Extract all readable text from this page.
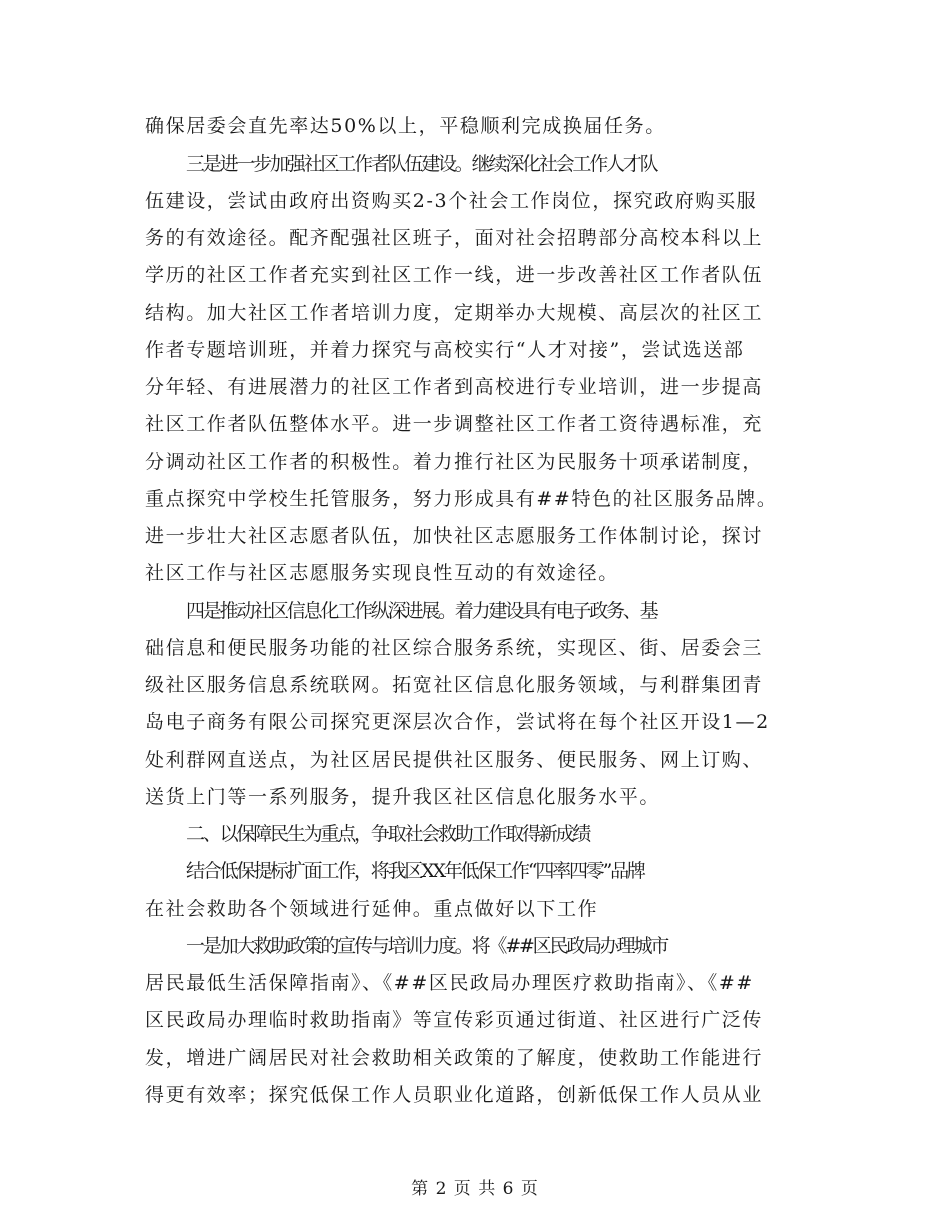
确保居委会直先率达50%以上，平稳顺利完成换届任务。
三是进一步加强社区工作者队伍建设。继续深化社会工作人才队
伍建设，尝试由政府出资购买2-3个社会工作岗位，探究政府购买服
务的有效途径。配齐配强社区班子，面对社会招聘部分高校本科以上
学历的社区工作者充实到社区工作一线，进一步改善社区工作者队伍
结构。加大社区工作者培训力度，定期举办大规模、高层次的社区工
作者专题培训班，并着力探究与高校实行“人才对接”，尝试选送部
分年轻、有进展潜力的社区工作者到高校进行专业培训，进一步提高
社区工作者队伍整体水平。进一步调整社区工作者工资待遇标准，充
分调动社区工作者的积极性。着力推行社区为民服务十项承诺制度，
重点探究中学校生托管服务，努力形成具有##特色的社区服务品牌。
进一步壮大社区志愿者队伍，加快社区志愿服务工作体制讨论，探讨
社区工作与社区志愿服务实现良性互动的有效途径。
四是推动社区信息化工作纵深进展。着力建设具有电子政务、基
础信息和便民服务功能的社区综合服务系统，实现区、街、居委会三
级社区服务信息系统联网。拓宽社区信息化服务领域，与利群集团青
岛电子商务有限公司探究更深层次合作，尝试将在每个社区开设1—2
处利群网直送点，为社区居民提供社区服务、便民服务、网上订购、
送货上门等一系列服务，提升我区社区信息化服务水平。
二、以保障民生为重点，争取社会救助工作取得新成绩
结合低保提标扩面工作，将我区XX年低保工作“四率四零”品牌
在社会救助各个领域进行延伸。重点做好以下工作
一是加大救助政策的宣传与培训力度。将《##区民政局办理城市
居民最低生活保障指南》、《##区民政局办理医疗救助指南》、《##
区民政局办理临时救助指南》等宣传彩页通过街道、社区进行广泛传
发，增进广阔居民对社会救助相关政策的了解度，使救助工作能进行
得更有效率；探究低保工作人员职业化道路，创新低保工作人员从业
第 2 页 共 6 页
